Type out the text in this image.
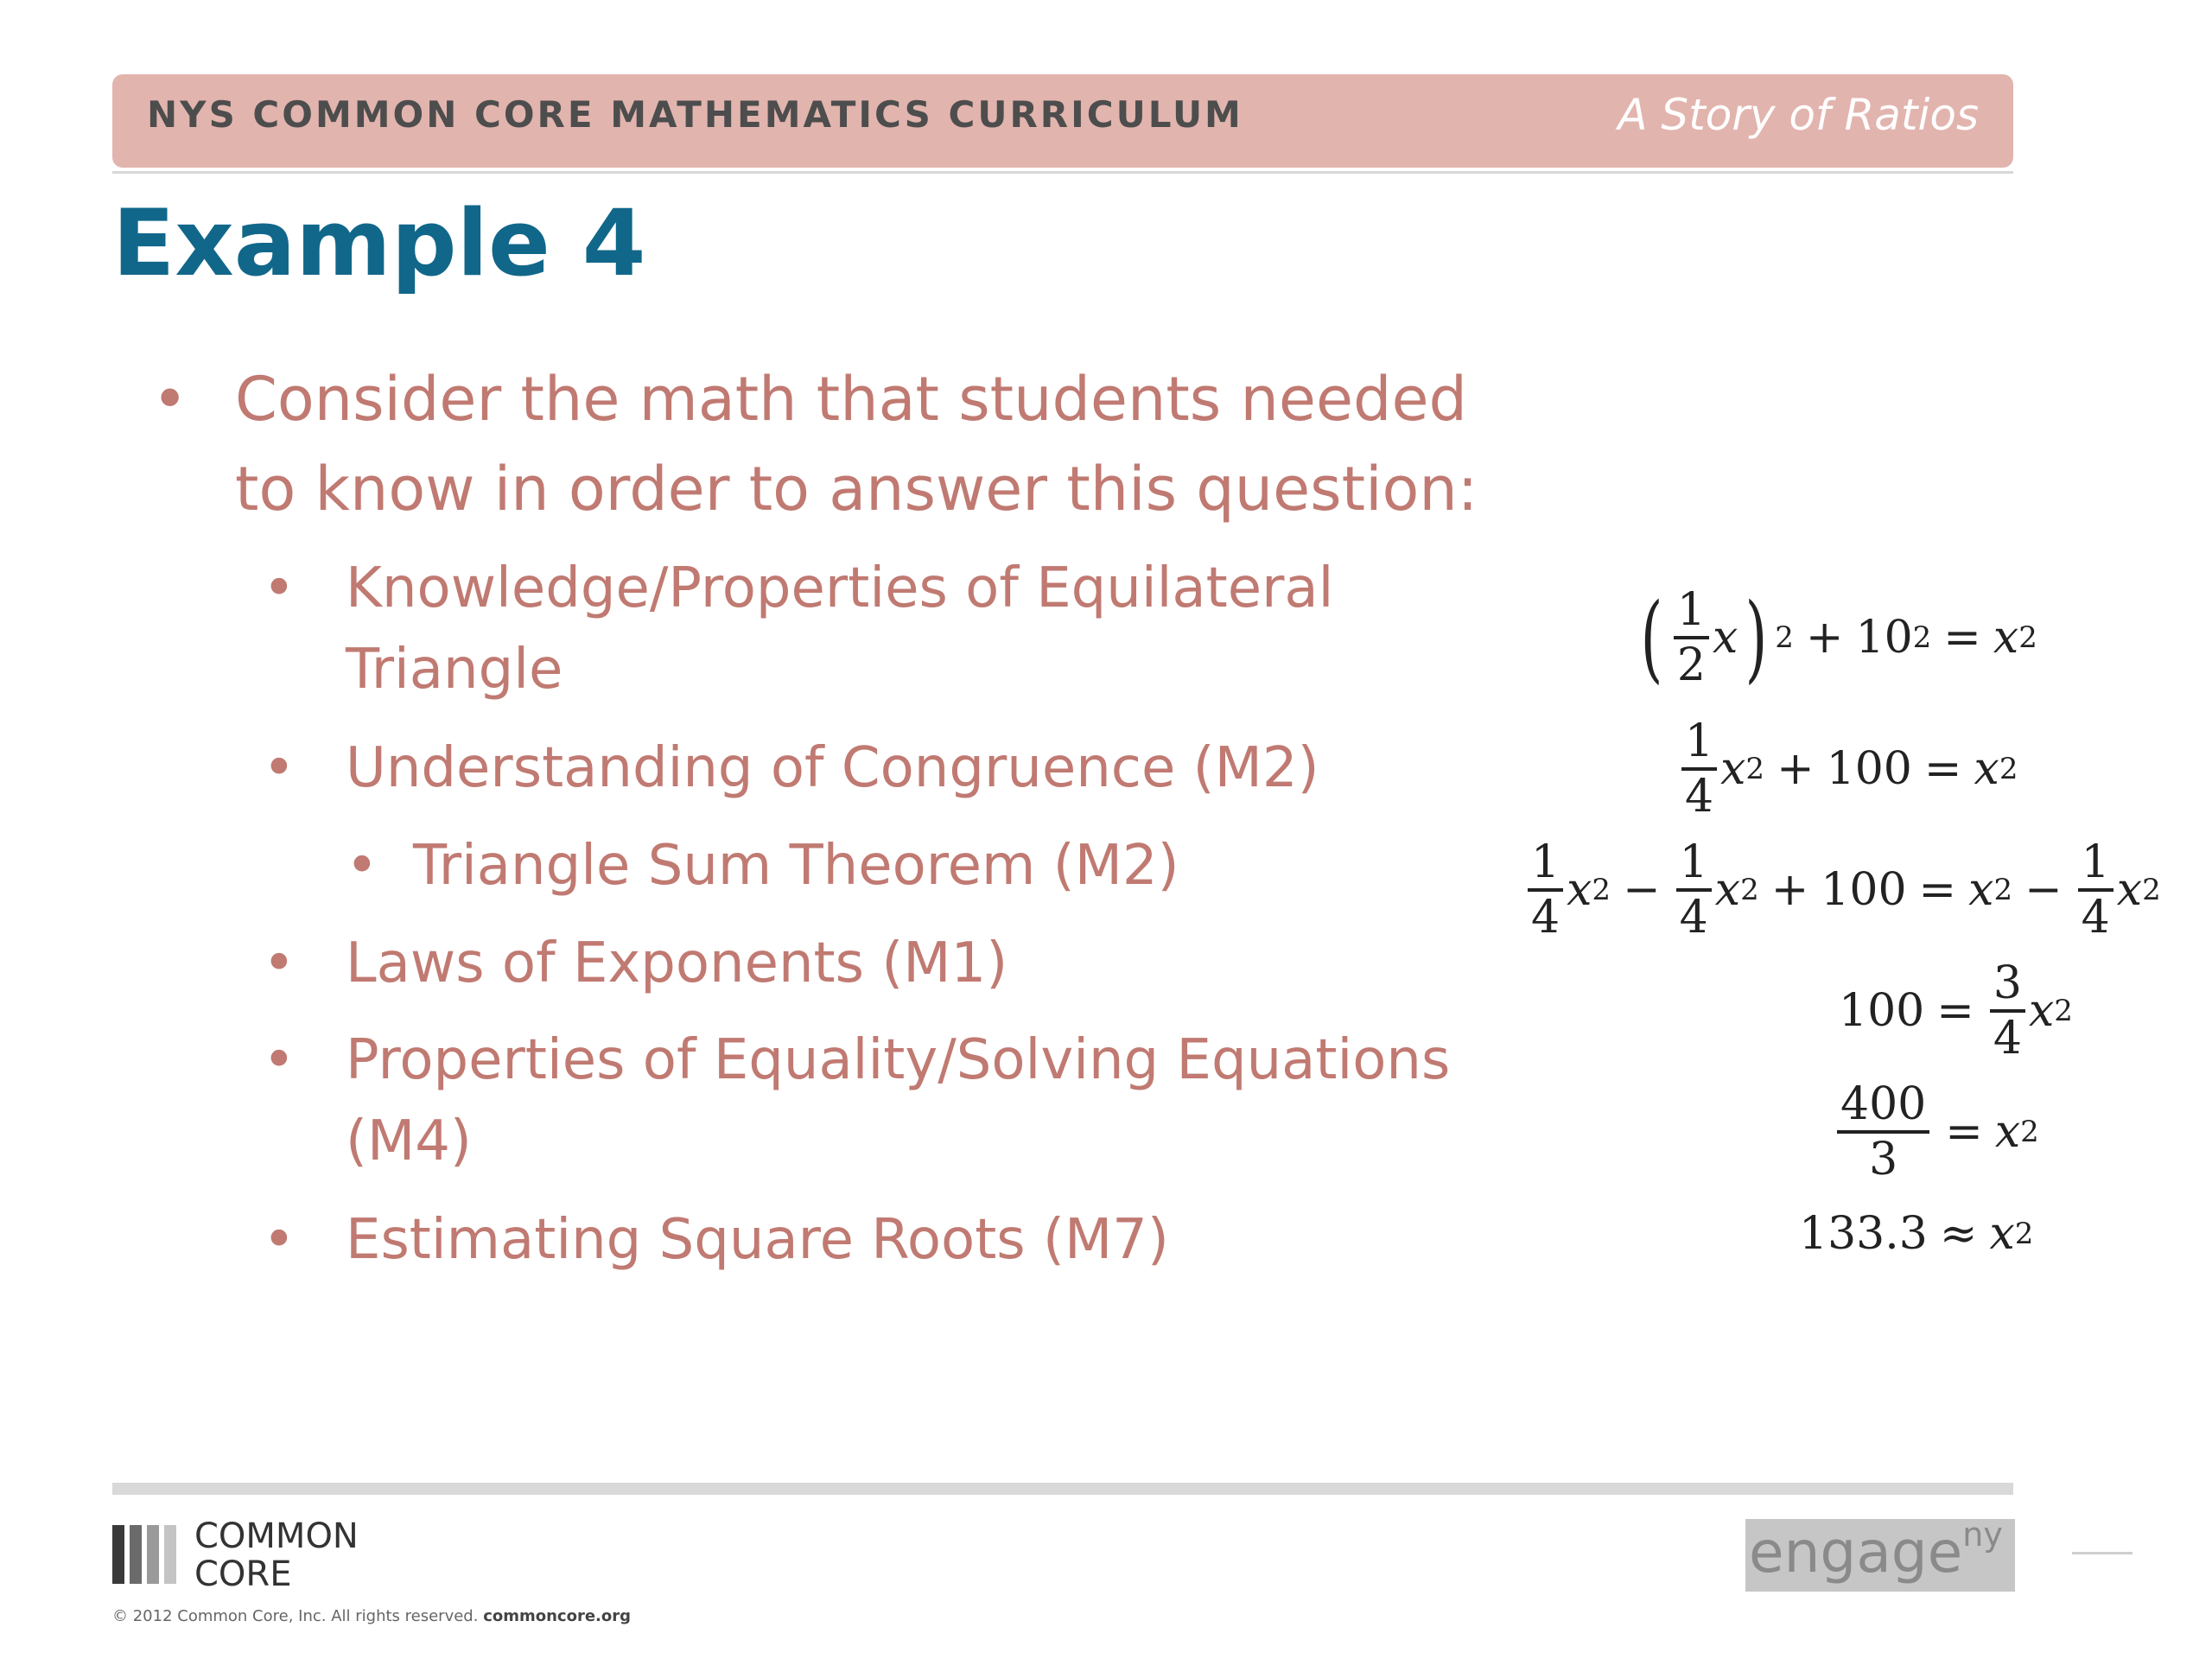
NYS COMMON CORE MATHEMATICS CURRICULUM	A Story of Ratios
Example 4
• Consider the math that students needed
to know in order to answer this question:
• Knowledge/Properties of Equilateral
Triangle
• Understanding of Congruence (M2)
• Triangle Sum Theorem (M2)
• Laws of Exponents (M1)
• Properties of Equality/Solving Equations
(M4)
• Estimating Square Roots (M7)
( $\frac{1}{2}$ x ) 2 + 10 2 = x 2
$\frac{1}{4}$ x 2 + 100 = x 2
$\frac{1}{4}$ x $2 - \frac{1}{4}$ x 2 + 100 = x $2 - \frac{1}{4}$ x 2
$100 = \frac{3}{4}$ x 2
$\frac{400}{3} = x$ 2
133.3 ≈ x 2
COMMON
CORE
© 2012 Common Core, Inc. All rights reserved. commoncore.org
engage$^{ny}$
